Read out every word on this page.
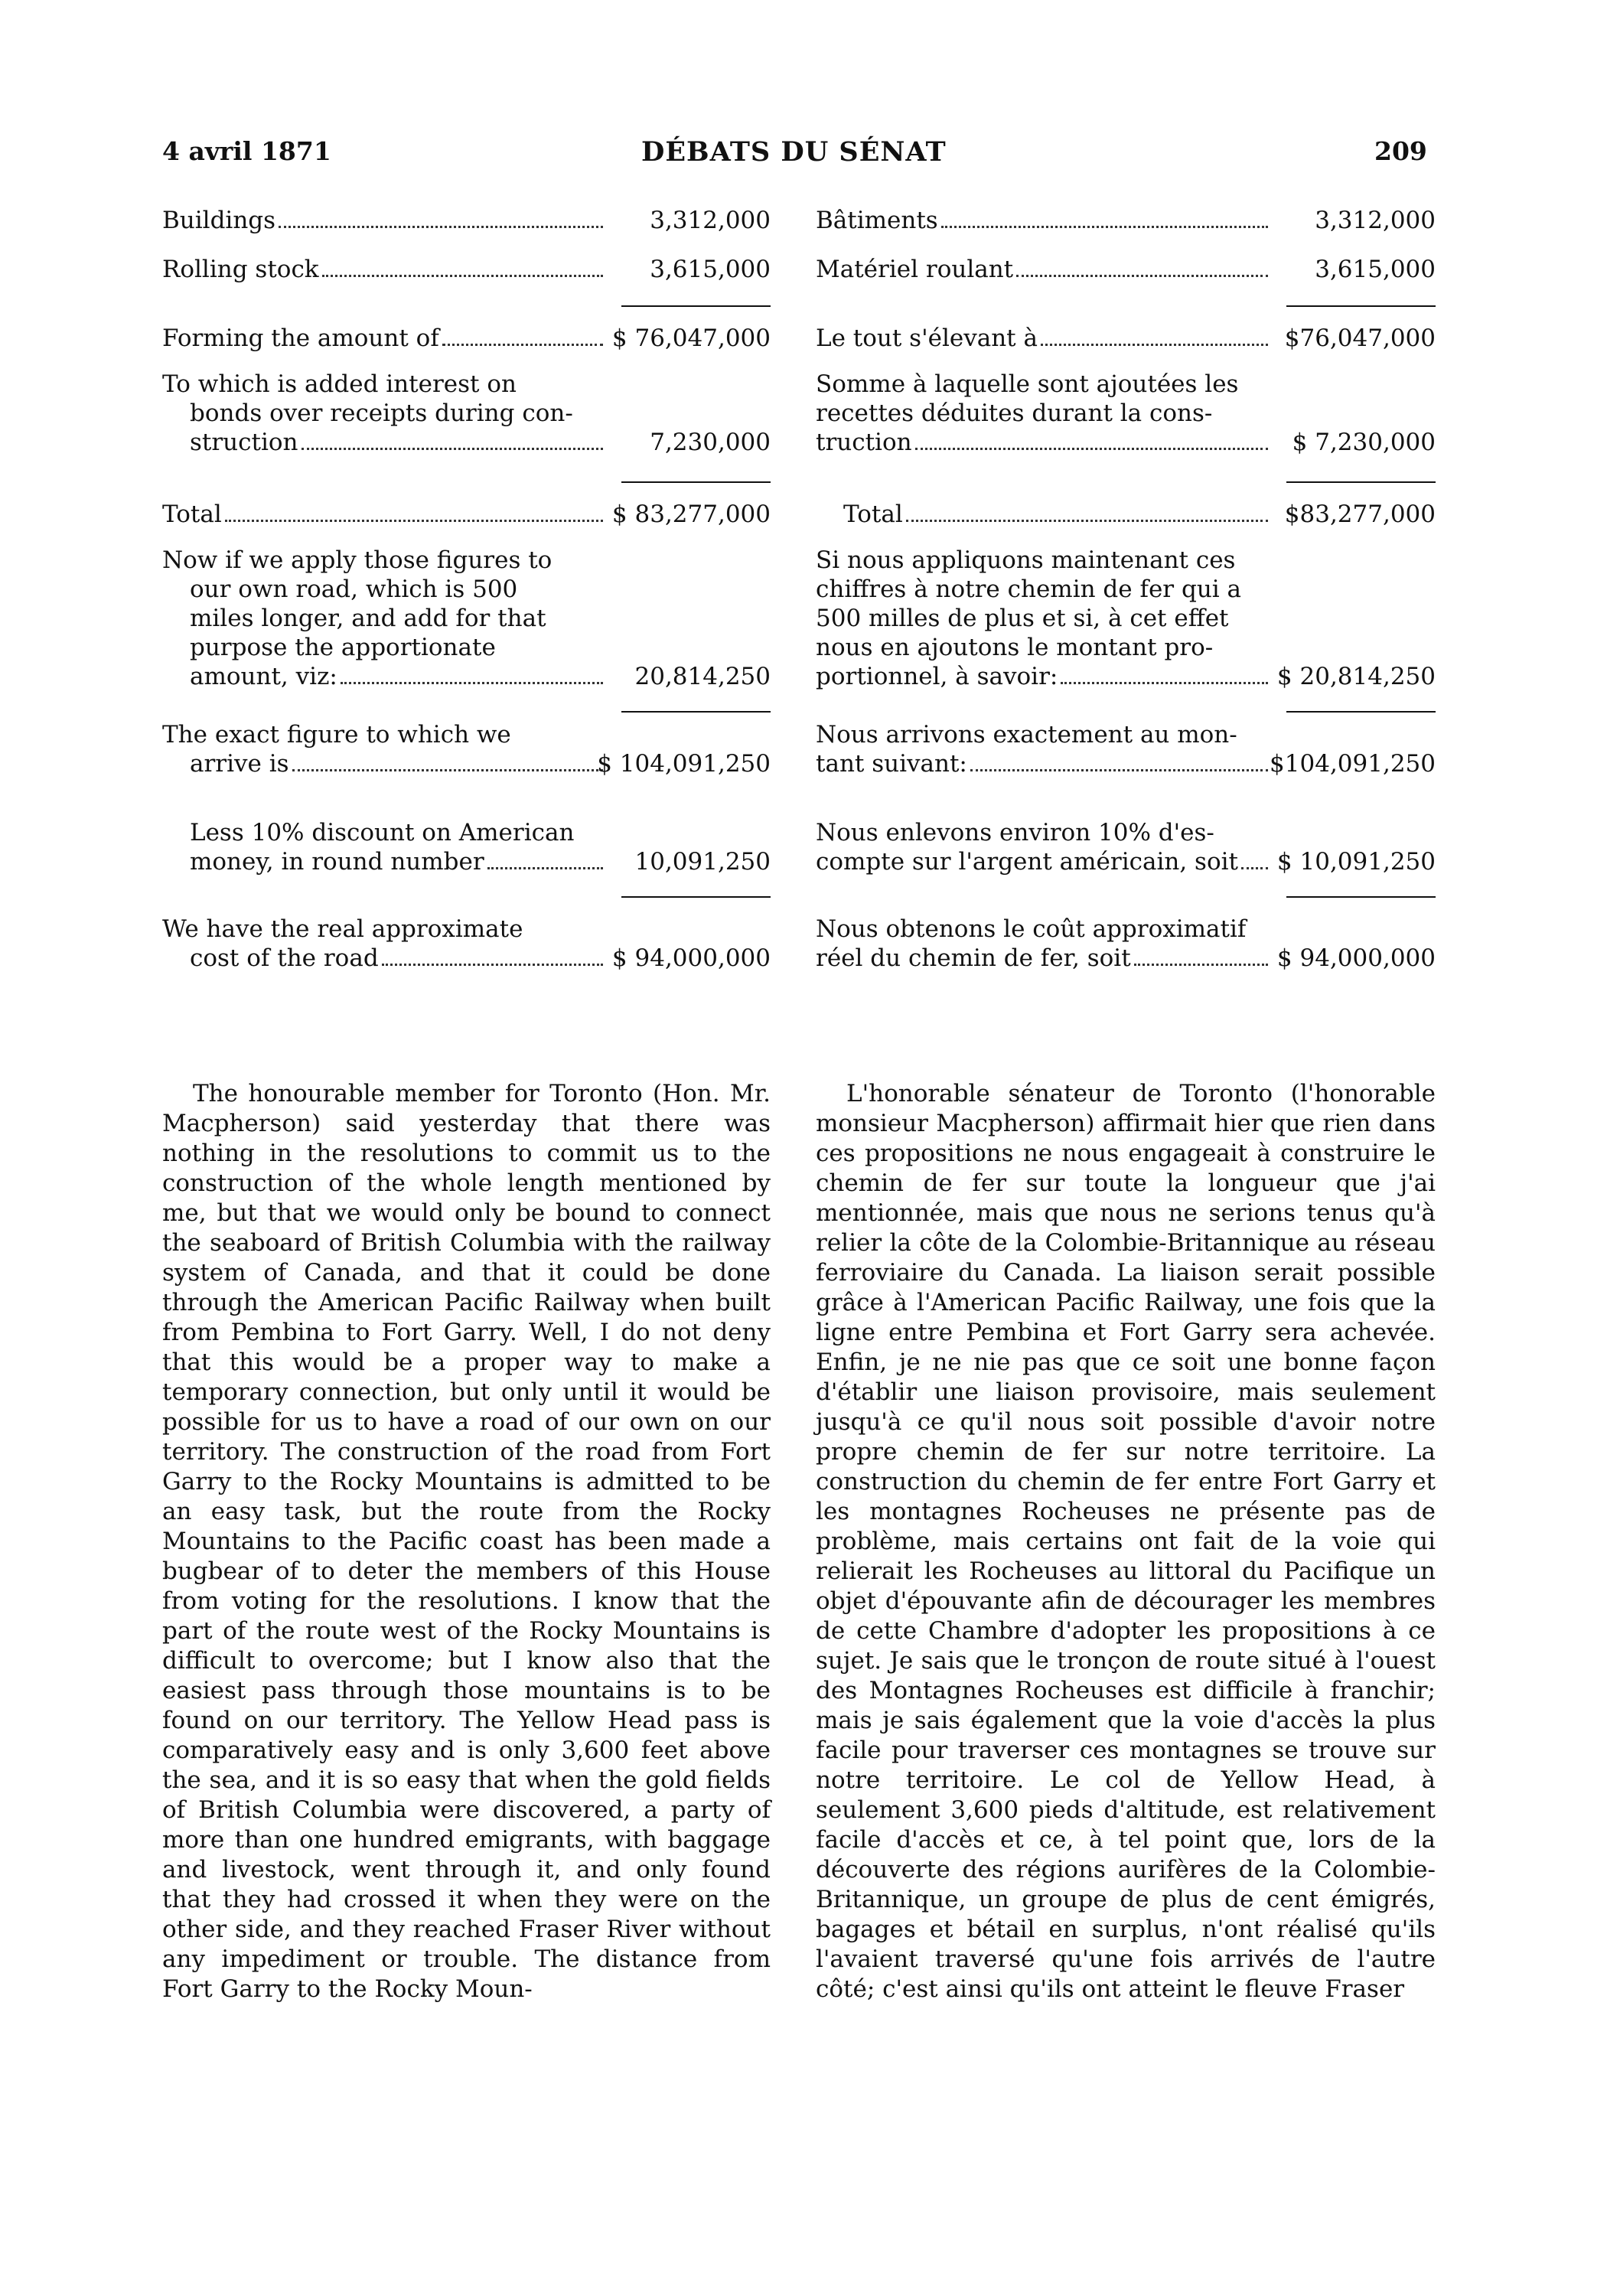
4 avril 1871	DÉBATS DU SÉNAT	209
Buildings	3,312,000
Rolling stock	3,615,000
Forming the amount of	$ 76,047,000
To which is added interest on
bonds over receipts during con-
struction	7,230,000
Total	$ 83,277,000
Now if we apply those figures to
our own road, which is 500
miles longer, and add for that
purpose the apportionate
amount, viz:	20,814,250
The exact figure to which we
arrive is	$ 104,091,250
Less 10% discount on American
money, in round number	10,091,250
We have the real approximate
cost of the road	$ 94,000,000
Bâtiments	3,312,000
Matériel roulant	3,615,000
Le tout s'élevant à	$76,047,000
Somme à laquelle sont ajoutées les
recettes déduites durant la cons-
truction	$ 7,230,000
Total	$83,277,000
Si nous appliquons maintenant ces
chiffres à notre chemin de fer qui a
500 milles de plus et si, à cet effet
nous en ajoutons le montant pro-
portionnel, à savoir:	$ 20,814,250
Nous arrivons exactement au mon-
tant suivant:	$104,091,250
Nous enlevons environ 10% d'es-
compte sur l'argent américain, soit $ 10,091,250
Nous obtenons le coût approximatif
réel du chemin de fer, soit	$ 94,000,000

The honourable member for Toronto (Hon. Mr. Macpherson) said yesterday that there was nothing in the resolutions to commit us to the construction of the whole length mentioned by me, but that we would only be bound to connect the seaboard of British Columbia with the railway system of Canada, and that it could be done through the American Pacific Railway when built from Pembina to Fort Garry. Well, I do not deny that this would be a proper way to make a temporary connection, but only until it would be possible for us to have a road of our own on our territory. The construction of the road from Fort Garry to the Rocky Mountains is admitted to be an easy task, but the route from the Rocky Mountains to the Pacific coast has been made a bugbear of to deter the members of this House from voting for the resolutions. I know that the part of the route west of the Rocky Mountains is difficult to overcome; but I know also that the easiest pass through those mountains is to be found on our territory. The Yellow Head pass is comparatively easy and is only 3,600 feet above the sea, and it is so easy that when the gold fields of British Columbia were discovered, a party of more than one hundred emigrants, with baggage and livestock, went through it, and only found that they had crossed it when they were on the other side, and they reached Fraser River without any impediment or trouble. The distance from Fort Garry to the Rocky Moun-

L'honorable sénateur de Toronto (l'honorable monsieur Macpherson) affirmait hier que rien dans ces propositions ne nous engageait à construire le chemin de fer sur toute la longueur que j'ai mentionnée, mais que nous ne serions tenus qu'à relier la côte de la Colombie-Britannique au réseau ferroviaire du Canada. La liaison serait possible grâce à l'American Pacific Railway, une fois que la ligne entre Pembina et Fort Garry sera achevée. Enfin, je ne nie pas que ce soit une bonne façon d'établir une liaison provisoire, mais seulement jusqu'à ce qu'il nous soit possible d'avoir notre propre chemin de fer sur notre territoire. La construction du chemin de fer entre Fort Garry et les montagnes Rocheuses ne présente pas de problème, mais certains ont fait de la voie qui relierait les Rocheuses au littoral du Pacifique un objet d'épouvante afin de décourager les membres de cette Chambre d'adopter les propositions à ce sujet. Je sais que le tronçon de route situé à l'ouest des Montagnes Rocheuses est difficile à franchir; mais je sais également que la voie d'accès la plus facile pour traverser ces montagnes se trouve sur notre territoire. Le col de Yellow Head, à seulement 3,600 pieds d'altitude, est relativement facile d'accès et ce, à tel point que, lors de la découverte des régions aurifères de la Colombie-Britannique, un groupe de plus de cent émigrés, bagages et bétail en surplus, n'ont réalisé qu'ils l'avaient traversé qu'une fois arrivés de l'autre côté; c'est ainsi qu'ils ont atteint le fleuve Fraser
